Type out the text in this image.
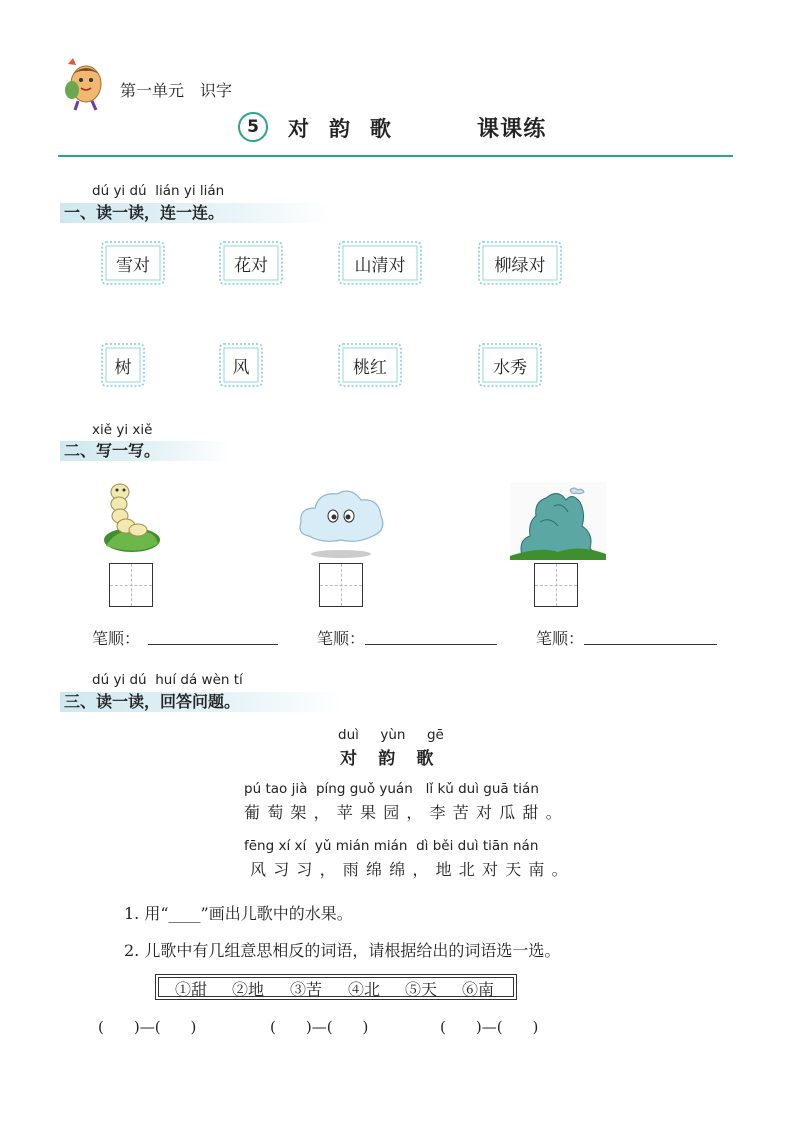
第一单元　识字
5	对韵歌	课课练
dú yi dú lián yi lián
一、读一读，连一连。
雪对	花对	山清对	柳绿对
树	风	桃红	水秀
xiě yi xiě
二、写一写。
笔顺：	笔顺：	笔顺：
dú yi dú huí dá wèn tí
三、读一读，回答问题。
duì yùn gē
对 韵 歌
pú tao jià píng guǒ yuán lǐ kǔ duì guā tián
葡萄架，苹果园，李苦对瓜甜。
fēng xí xí yǔ mián mián dì běi duì tiān nán
风习习，雨绵绵，地北对天南。
1. 用“____”画出儿歌中的水果。
2. 儿歌中有几组意思相反的词语，请根据给出的词语选一选。
①甜 ②地 ③苦 ④北 ⑤天 ⑥南
(　　)—(　　)	(　　)—(　　)	(　　)—(　　)
